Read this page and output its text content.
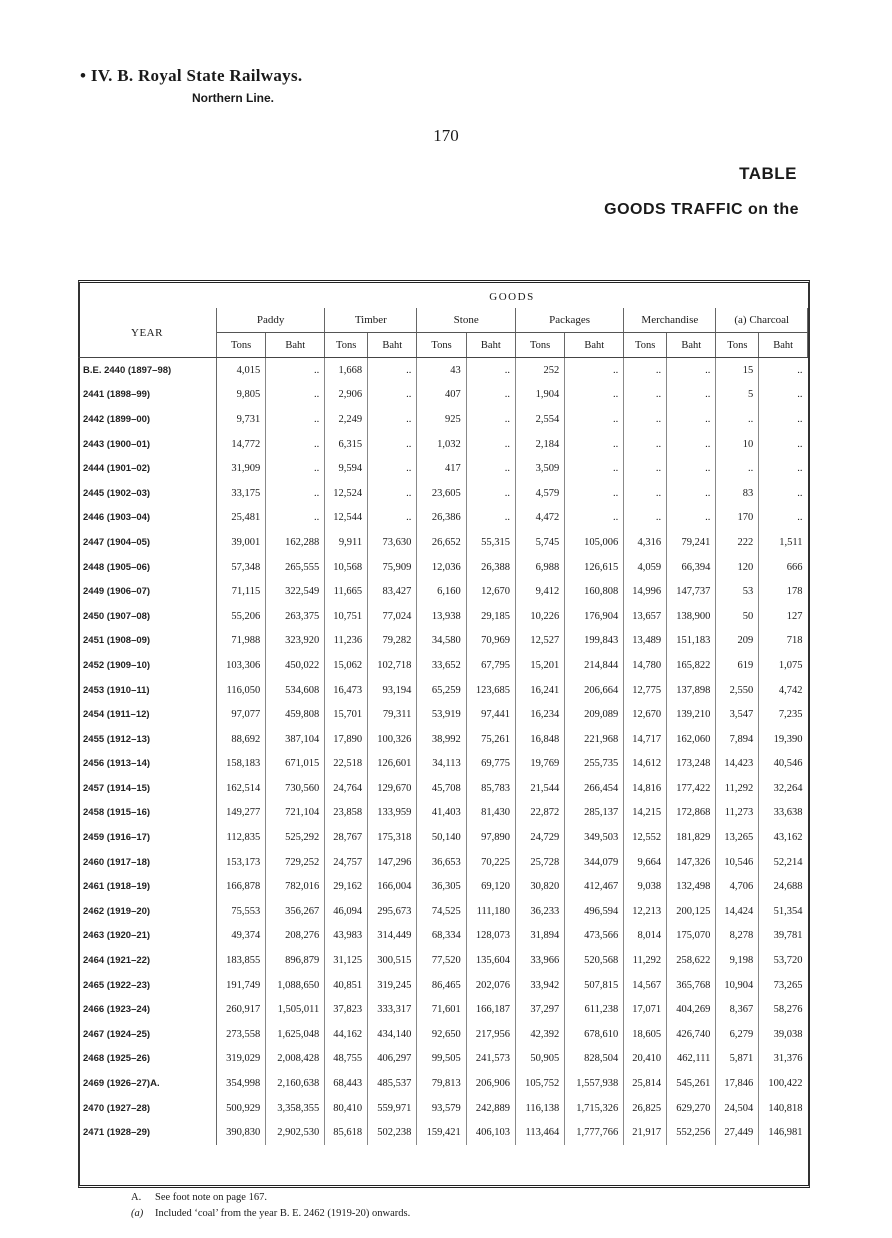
• IV. B. Royal State Railways.
Northern Line.
170
TABLE
GOODS TRAFFIC on the
	GOODS											
YEAR	Paddy		Timber		Stone		Packages		Merchandise		(a) Charcoal	
	Tons	Baht	Tons	Baht	Tons	Baht	Tons	Baht	Tons	Baht	Tons	Baht
B.E. 2440 (1897–98)	4,015	..	1,668	..	43	..	252	..	..	..	15	..
2441 (1898–99)	9,805	..	2,906	..	407	..	1,904	..	..	..	5	..
2442 (1899–00)	9,731	..	2,249	..	925	..	2,554	..	..	..	..	..
2443 (1900–01)	14,772	..	6,315	..	1,032	..	2,184	..	..	..	10	..
2444 (1901–02)	31,909	..	9,594	..	417	..	3,509	..	..	..	..	..
2445 (1902–03)	33,175	..	12,524	..	23,605	..	4,579	..	..	..	83	..
2446 (1903–04)	25,481	..	12,544	..	26,386	..	4,472	..	..	..	170	..
2447 (1904–05)	39,001	162,288	9,911	73,630	26,652	55,315	5,745	105,006	4,316	79,241	222	1,511
2448 (1905–06)	57,348	265,555	10,568	75,909	12,036	26,388	6,988	126,615	4,059	66,394	120	666
2449 (1906–07)	71,115	322,549	11,665	83,427	6,160	12,670	9,412	160,808	14,996	147,737	53	178
2450 (1907–08)	55,206	263,375	10,751	77,024	13,938	29,185	10,226	176,904	13,657	138,900	50	127
2451 (1908–09)	71,988	323,920	11,236	79,282	34,580	70,969	12,527	199,843	13,489	151,183	209	718
2452 (1909–10)	103,306	450,022	15,062	102,718	33,652	67,795	15,201	214,844	14,780	165,822	619	1,075
2453 (1910–11)	116,050	534,608	16,473	93,194	65,259	123,685	16,241	206,664	12,775	137,898	2,550	4,742
2454 (1911–12)	97,077	459,808	15,701	79,311	53,919	97,441	16,234	209,089	12,670	139,210	3,547	7,235
2455 (1912–13)	88,692	387,104	17,890	100,326	38,992	75,261	16,848	221,968	14,717	162,060	7,894	19,390
2456 (1913–14)	158,183	671,015	22,518	126,601	34,113	69,775	19,769	255,735	14,612	173,248	14,423	40,546
2457 (1914–15)	162,514	730,560	24,764	129,670	45,708	85,783	21,544	266,454	14,816	177,422	11,292	32,264
2458 (1915–16)	149,277	721,104	23,858	133,959	41,403	81,430	22,872	285,137	14,215	172,868	11,273	33,638
2459 (1916–17)	112,835	525,292	28,767	175,318	50,140	97,890	24,729	349,503	12,552	181,829	13,265	43,162
2460 (1917–18)	153,173	729,252	24,757	147,296	36,653	70,225	25,728	344,079	9,664	147,326	10,546	52,214
2461 (1918–19)	166,878	782,016	29,162	166,004	36,305	69,120	30,820	412,467	9,038	132,498	4,706	24,688
2462 (1919–20)	75,553	356,267	46,094	295,673	74,525	111,180	36,233	496,594	12,213	200,125	14,424	51,354
2463 (1920–21)	49,374	208,276	43,983	314,449	68,334	128,073	31,894	473,566	8,014	175,070	8,278	39,781
2464 (1921–22)	183,855	896,879	31,125	300,515	77,520	135,604	33,966	520,568	11,292	258,622	9,198	53,720
2465 (1922–23)	191,749	1,088,650	40,851	319,245	86,465	202,076	33,942	507,815	14,567	365,768	10,904	73,265
2466 (1923–24)	260,917	1,505,011	37,823	333,317	71,601	166,187	37,297	611,238	17,071	404,269	8,367	58,276
2467 (1924–25)	273,558	1,625,048	44,162	434,140	92,650	217,956	42,392	678,610	18,605	426,740	6,279	39,038
2468 (1925–26)	319,029	2,008,428	48,755	406,297	99,505	241,573	50,905	828,504	20,410	462,111	5,871	31,376
2469 (1926–27)A.	354,998	2,160,638	68,443	485,537	79,813	206,906	105,752	1,557,938	25,814	545,261	17,846	100,422
2470 (1927–28)	500,929	3,358,355	80,410	559,971	93,579	242,889	116,138	1,715,326	26,825	629,270	24,504	140,818
2471 (1928–29)	390,830	2,902,530	85,618	502,238	159,421	406,103	113,464	1,777,766	21,917	552,256	27,449	146,981
A. See foot note on page 167.
(a) Included ‘coal’ from the year B. E. 2462 (1919-20) onwards.
